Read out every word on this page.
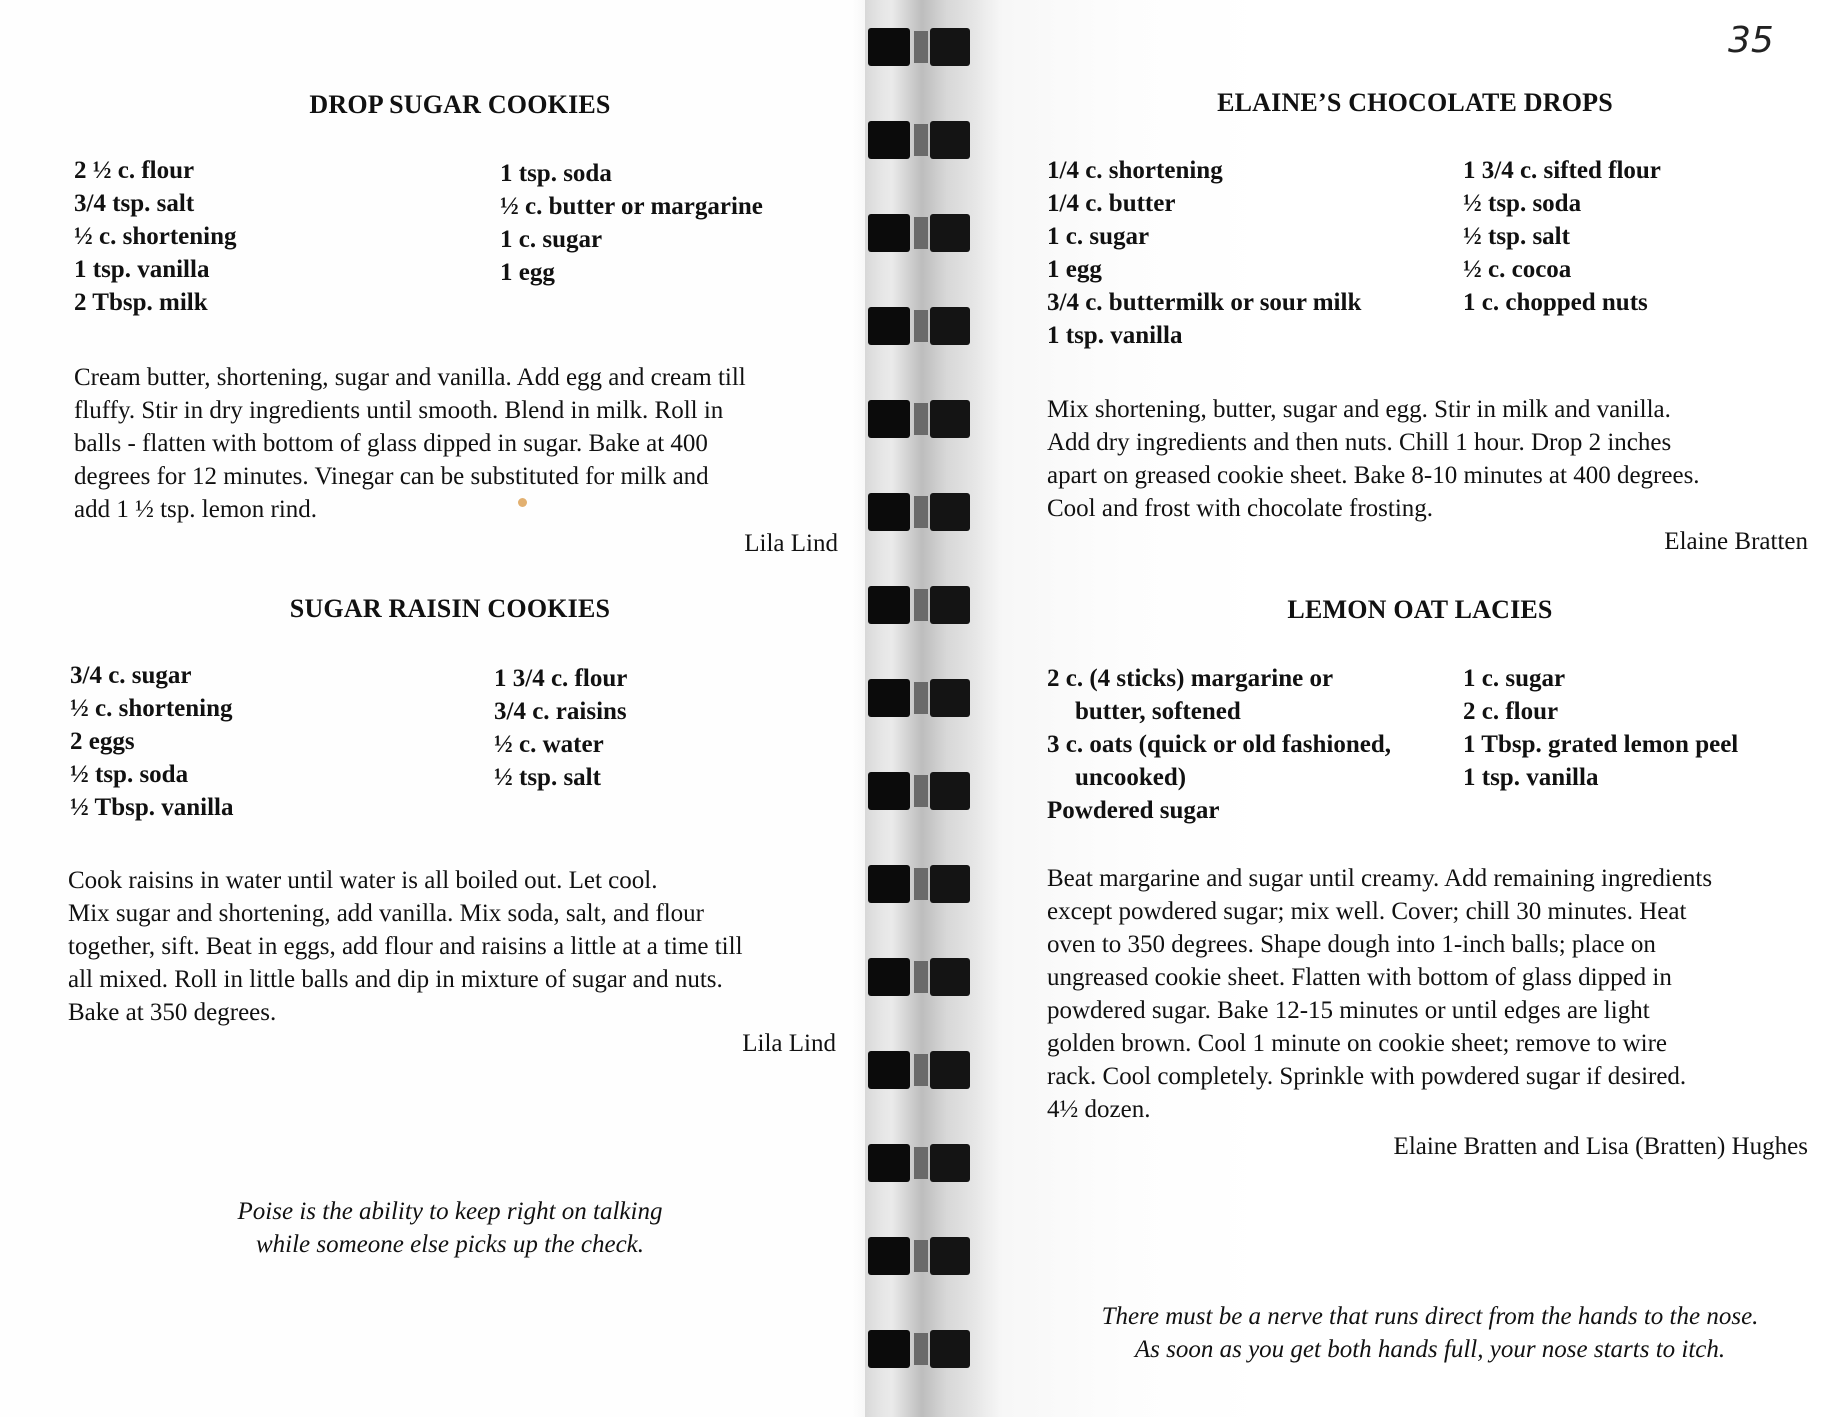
35
DROP SUGAR COOKIES
2 ½ c. flour
3/4 tsp. salt
½ c. shortening
1 tsp. vanilla
2 Tbsp. milk
1 tsp. soda
½ c. butter or margarine
1 c. sugar
1 egg
Cream butter, shortening, sugar and vanilla. Add egg and cream till
fluffy. Stir in dry ingredients until smooth. Blend in milk. Roll in
balls - flatten with bottom of glass dipped in sugar. Bake at 400
degrees for 12 minutes. Vinegar can be substituted for milk and
add 1 ½ tsp. lemon rind.
Lila Lind
SUGAR RAISIN COOKIES
3/4 c. sugar
½ c. shortening
2 eggs
½ tsp. soda
½ Tbsp. vanilla
1 3/4 c. flour
3/4 c. raisins
½ c. water
½ tsp. salt
Cook raisins in water until water is all boiled out. Let cool.
Mix sugar and shortening, add vanilla. Mix soda, salt, and flour
together, sift. Beat in eggs, add flour and raisins a little at a time till
all mixed. Roll in little balls and dip in mixture of sugar and nuts.
Bake at 350 degrees.
Lila Lind
Poise is the ability to keep right on talking
while someone else picks up the check.
ELAINE’S CHOCOLATE DROPS
1/4 c. shortening
1/4 c. butter
1 c. sugar
1 egg
3/4 c. buttermilk or sour milk
1 tsp. vanilla
1 3/4 c. sifted flour
½ tsp. soda
½ tsp. salt
½ c. cocoa
1 c. chopped nuts
Mix shortening, butter, sugar and egg. Stir in milk and vanilla.
Add dry ingredients and then nuts. Chill 1 hour. Drop 2 inches
apart on greased cookie sheet. Bake 8-10 minutes at 400 degrees.
Cool and frost with chocolate frosting.
Elaine Bratten
LEMON OAT LACIES
2 c. (4 sticks) margarine or
butter, softened
3 c. oats (quick or old fashioned,
uncooked)
Powdered sugar
1 c. sugar
2 c. flour
1 Tbsp. grated lemon peel
1 tsp. vanilla
Beat margarine and sugar until creamy. Add remaining ingredients
except powdered sugar; mix well. Cover; chill 30 minutes. Heat
oven to 350 degrees. Shape dough into 1-inch balls; place on
ungreased cookie sheet. Flatten with bottom of glass dipped in
powdered sugar. Bake 12-15 minutes or until edges are light
golden brown. Cool 1 minute on cookie sheet; remove to wire
rack. Cool completely. Sprinkle with powdered sugar if desired.
4½ dozen.
Elaine Bratten and Lisa (Bratten) Hughes
There must be a nerve that runs direct from the hands to the nose.
As soon as you get both hands full, your nose starts to itch.
